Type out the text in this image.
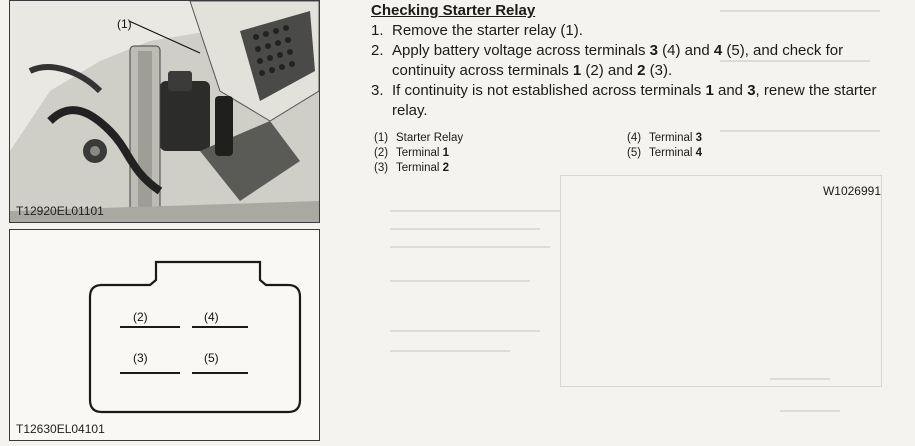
(1)
T12920EL01101
(2)	(4)
(3)	(5)
T12630EL04101
Checking Starter Relay
1. Remove the starter relay (1).
2. Apply battery voltage across terminals 3 (4) and 4 (5), and check for continuity across terminals 1 (2) and 2 (3).
3. If continuity is not established across terminals 1 and 3, renew the starter relay.
(1) Starter Relay
(2) Terminal 1
(3) Terminal 2
(4) Terminal 3
(5) Terminal 4
W1026991
